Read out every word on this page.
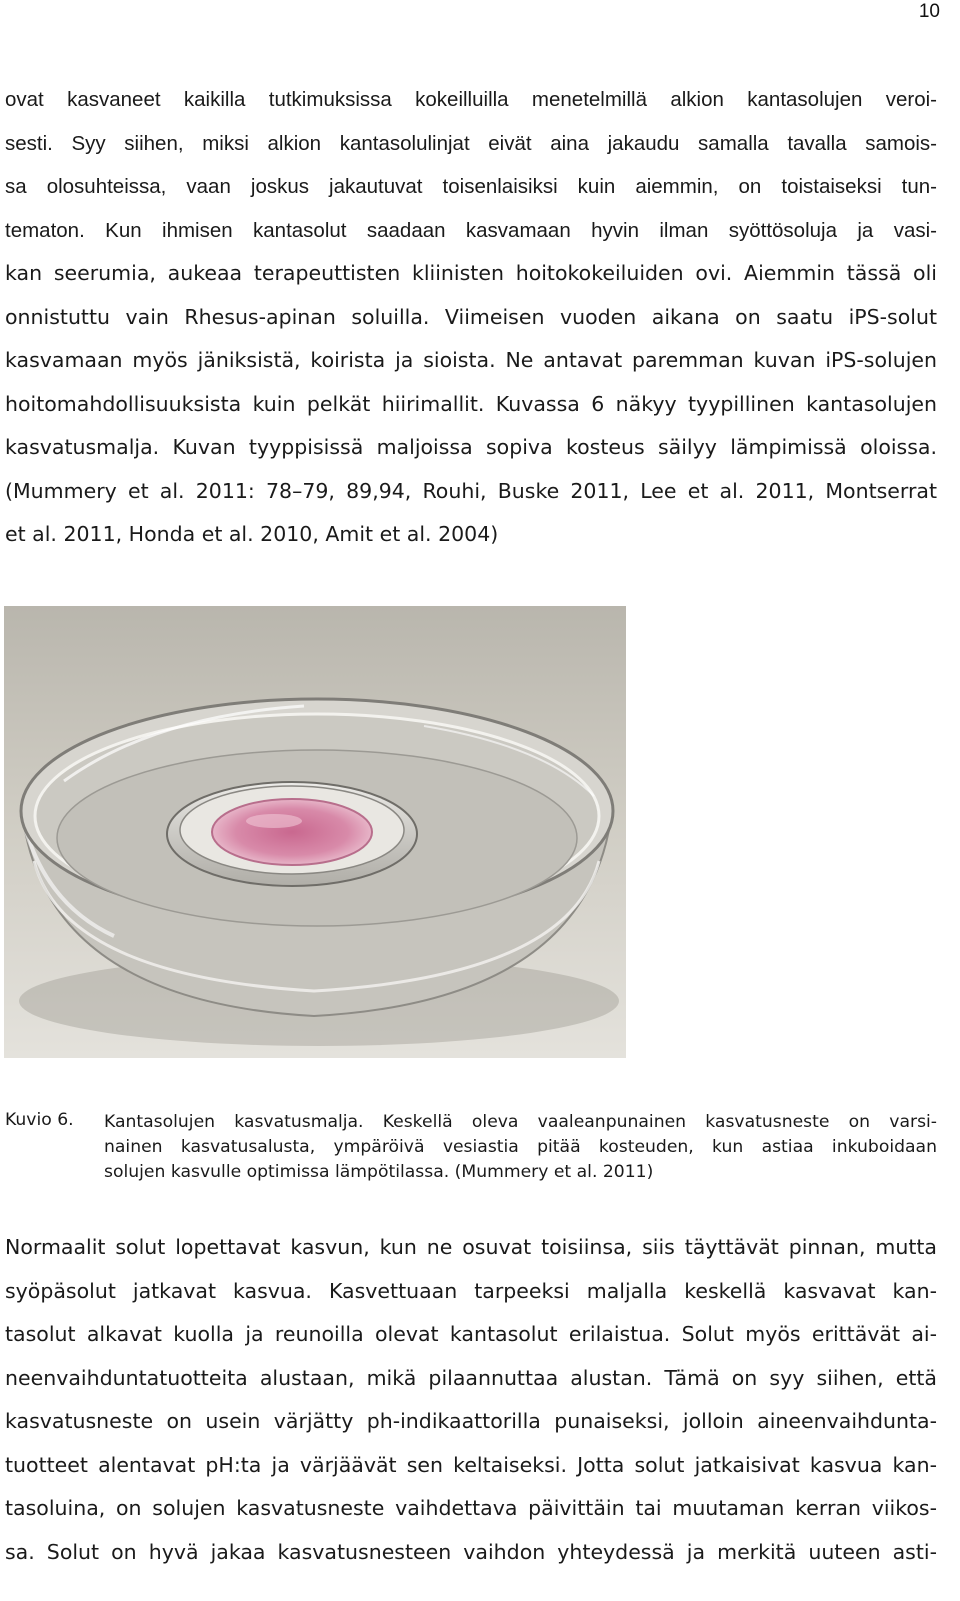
10
ovat kasvaneet kaikilla tutkimuksissa kokeilluilla menetelmillä alkion kantasolujen veroi-
sesti. Syy siihen, miksi alkion kantasolulinjat eivät aina jakaudu samalla tavalla samois-
sa olosuhteissa, vaan joskus jakautuvat toisenlaisiksi kuin aiemmin, on toistaiseksi tun-
tematon. Kun ihmisen kantasolut saadaan kasvamaan hyvin ilman syöttösoluja ja vasi-
kan seerumia, aukeaa terapeuttisten kliinisten hoitokokeiluiden ovi. Aiemmin tässä oli
onnistuttu vain Rhesus-apinan soluilla. Viimeisen vuoden aikana on saatu iPS-solut
kasvamaan myös jäniksistä, koirista ja sioista. Ne antavat paremman kuvan iPS-solujen
hoitomahdollisuuksista kuin pelkät hiirimallit. Kuvassa 6 näkyy tyypillinen kantasolujen
kasvatusmalja. Kuvan tyyppisissä maljoissa sopiva kosteus säilyy lämpimissä oloissa.
(Mummery et al. 2011: 78–79, 89,94, Rouhi, Buske 2011, Lee et al. 2011, Montserrat
et al. 2011, Honda et al. 2010, Amit et al. 2004)
Kuvio 6. Kantasolujen kasvatusmalja. Keskellä oleva vaaleanpunainen kasvatusneste on varsi-
nainen kasvatusalusta, ympäröivä vesiastia pitää kosteuden, kun astiaa inkuboidaan
solujen kasvulle optimissa lämpötilassa. (Mummery et al. 2011)
Normaalit solut lopettavat kasvun, kun ne osuvat toisiinsa, siis täyttävät pinnan, mutta
syöpäsolut jatkavat kasvua. Kasvettuaan tarpeeksi maljalla keskellä kasvavat kan-
tasolut alkavat kuolla ja reunoilla olevat kantasolut erilaistua. Solut myös erittävät ai-
neenvaihduntatuotteita alustaan, mikä pilaannuttaa alustan. Tämä on syy siihen, että
kasvatusneste on usein värjätty ph-indikaattorilla punaiseksi, jolloin aineenvaihdunta-
tuotteet alentavat pH:ta ja värjäävät sen keltaiseksi. Jotta solut jatkaisivat kasvua kan-
tasoluina, on solujen kasvatusneste vaihdettava päivittäin tai muutaman kerran viikos-
sa. Solut on hyvä jakaa kasvatusnesteen vaihdon yhteydessä ja merkitä uuteen asti-
